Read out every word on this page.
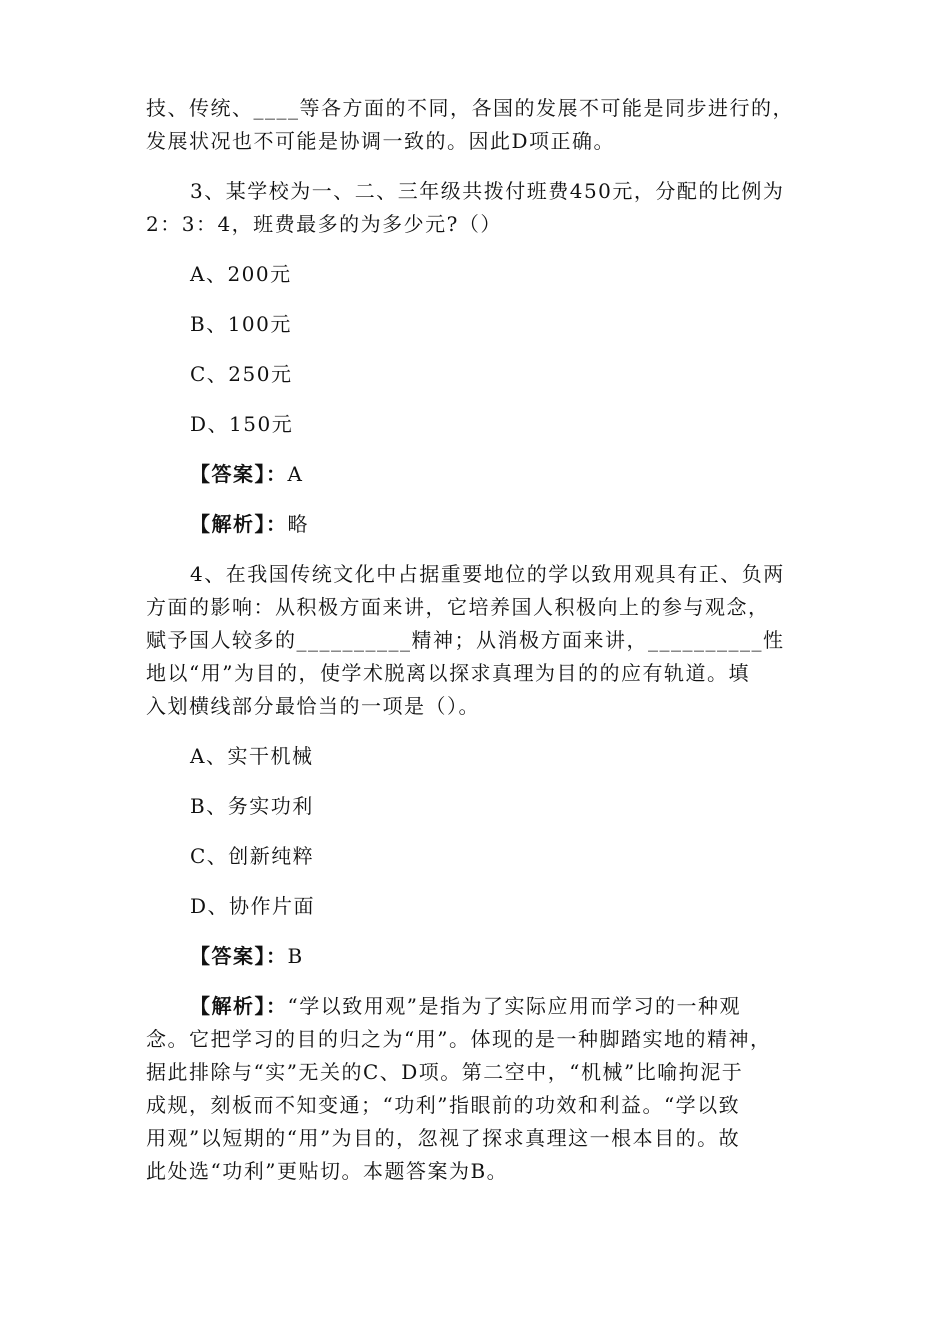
技、传统、____等各方面的不同，各国的发展不可能是同步进行的，

发展状况也不可能是协调一致的。因此D项正确。

3、某学校为一、二、三年级共拨付班费450元，分配的比例为

2：3：4，班费最多的为多少元?（）

A、200元

B、100元

C、250元

D、150元

【答案】：A

【解析】：略

4、在我国传统文化中占据重要地位的学以致用观具有正、负两

方面的影响：从积极方面来讲，它培养国人积极向上的参与观念，

赋予国人较多的__________精神；从消极方面来讲，__________性

地以“用”为目的，使学术脱离以探求真理为目的的应有轨道。填

入划横线部分最恰当的一项是（）。

A、实干机械

B、务实功利

C、创新纯粹

D、协作片面

【答案】：B

【解析】：“学以致用观”是指为了实际应用而学习的一种观

念。它把学习的目的归之为“用”。体现的是一种脚踏实地的精神，

据此排除与“实”无关的C、D项。第二空中，“机械”比喻拘泥于

成规，刻板而不知变通；“功利”指眼前的功效和利益。“学以致

用观”以短期的“用”为目的，忽视了探求真理这一根本目的。故

此处选“功利”更贴切。本题答案为B。
